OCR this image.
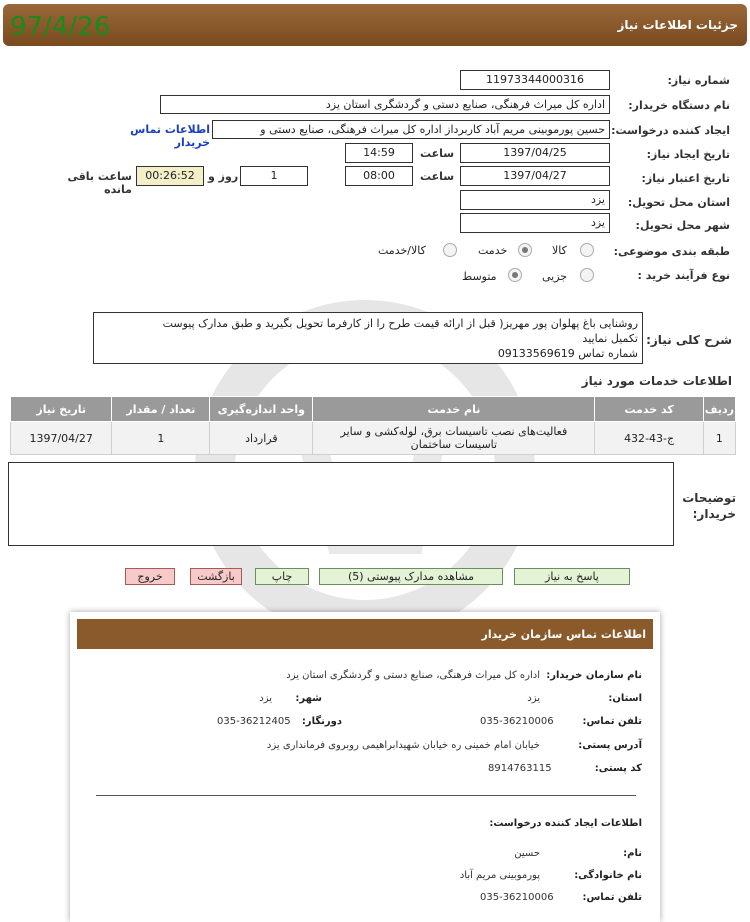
97/4/26	جزئیات اطلاعات نیاز
شماره نیاز:
1197334400031​6
نام دستگاه خریدار:
اداره کل میراث فرهنگی، صنایع دستی و گردشگری استان یزد
ایجاد کننده درخواست:
حسین پورموبینی مریم آباد کاربرداز اداره کل میراث فرهنگی، صنایع دستی و
اطلاعات تماس خریدار
تاریخ ایجاد نیاز:
1397/04/25
ساعت
14:59
تاریخ اعتبار نیاز:
1397/04/27
ساعت
08:00
1
روز و
00:26:52
ساعت باقی مانده
استان محل تحویل:
یزد
شهر محل تحویل:
یزد
طبقه بندی موضوعی:
کالا
خدمت
کالا/خدمت
نوع فرآیند خرید :
جزیی
متوسط
شرح کلی نیاز:
روشنایی باغ پهلوان پور مهریز( قبل از ارائه قیمت طرح را از کارفرما تحویل بگیرید و طبق مدارک پیوست
تکمیل نمایید
شماره تماس 09133569619
اطلاعات خدمات مورد نیاز
ردیف	کد خدمت	نام خدمت	واحد اندازه‌گیری	تعداد / مقدار	تاریخ نیاز
1	ج-43-432	فعالیت‌های نصب تاسیسات برق، لوله‌کشی و سایر
تاسیسات ساختمان	قرارداد	1	1397/04/27
توضیحات خریدار:
پاسخ به نیاز
مشاهده مدارک پیوستی (5)
چاپ
بازگشت
خروج
اطلاعات تماس سازمان خریدار
نام سازمان خریدار:
اداره کل میراث فرهنگی، صنایع دستی و گردشگری استان یزد
استان:
یزد
شهر:
یزد
تلفن تماس:
035-36210006
دورنگار:
035-36212405
آدرس پستی:
خیابان امام خمینی ره خیابان شهیدابراهیمی روبروی فرمانداری یزد
کد پستی:
8914763115
اطلاعات ایجاد کننده درخواست:
نام:
حسین
نام خانوادگی:
پورموبینی مریم آباد
تلفن تماس:
035-36210006
